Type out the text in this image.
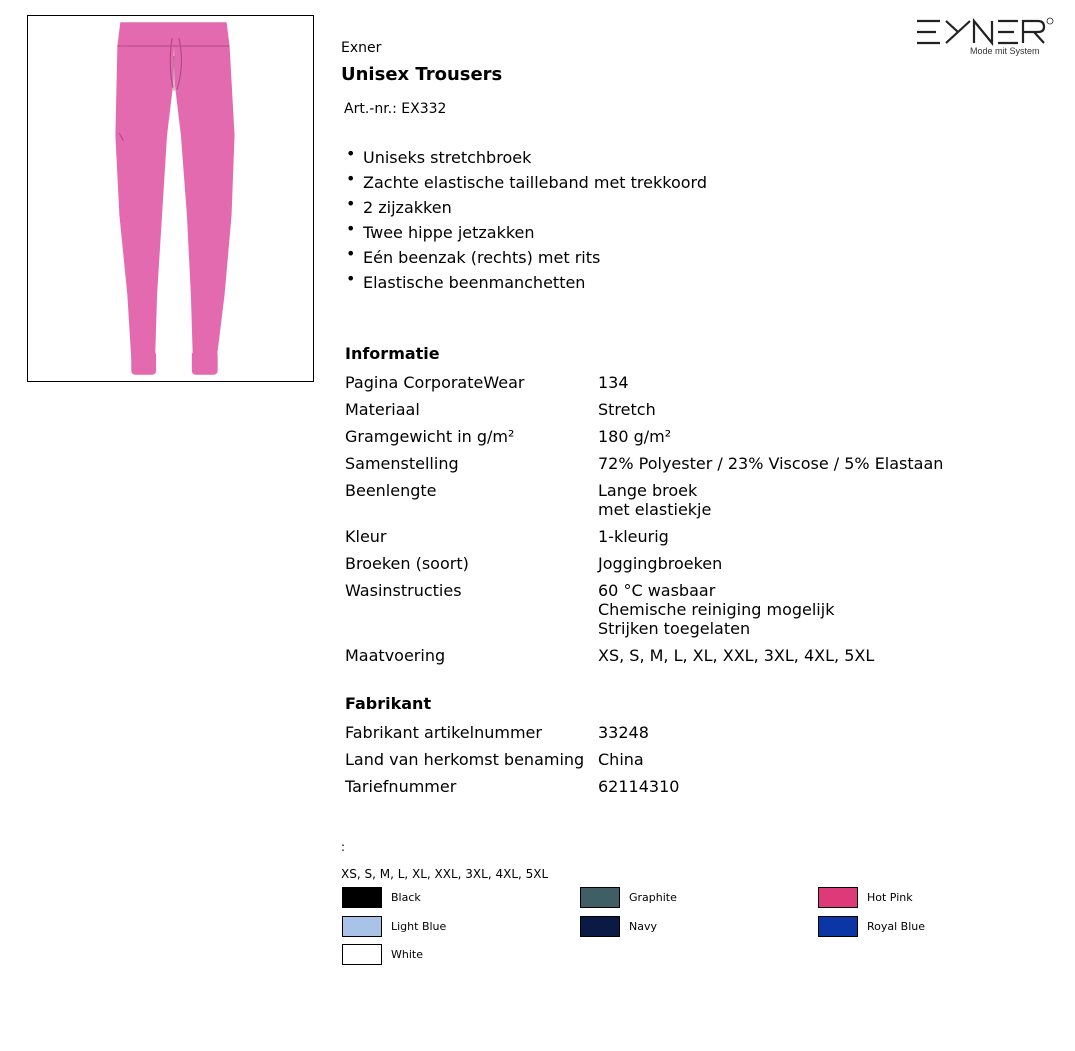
Mode mit System
Exner
Unisex Trousers
Art.-nr.: EX332
• Uniseks stretchbroek
• Zachte elastische tailleband met trekkoord
• 2 zijzakken
• Twee hippe jetzakken
• Eén beenzak (rechts) met rits
• Elastische beenmanchetten
Informatie
Pagina CorporateWear	134
Materiaal	Stretch
Gramgewicht in g/m²	180 g/m²
Samenstelling	72% Polyester / 23% Viscose / 5% Elastaan
Beenlengte	Lange broek
met elastiekje
Kleur	1-kleurig
Broeken (soort)	Joggingbroeken
Wasinstructies	60 °C wasbaar
Chemische reiniging mogelijk
Strijken toegelaten
Maatvoering	XS, S, M, L, XL, XXL, 3XL, 4XL, 5XL
Fabrikant
Fabrikant artikelnummer	33248
Land van herkomst benaming	China
Tariefnummer	62114310
:
XS, S, M, L, XL, XXL, 3XL, 4XL, 5XL
Black	Graphite	Hot Pink
Light Blue	Navy	Royal Blue
White
